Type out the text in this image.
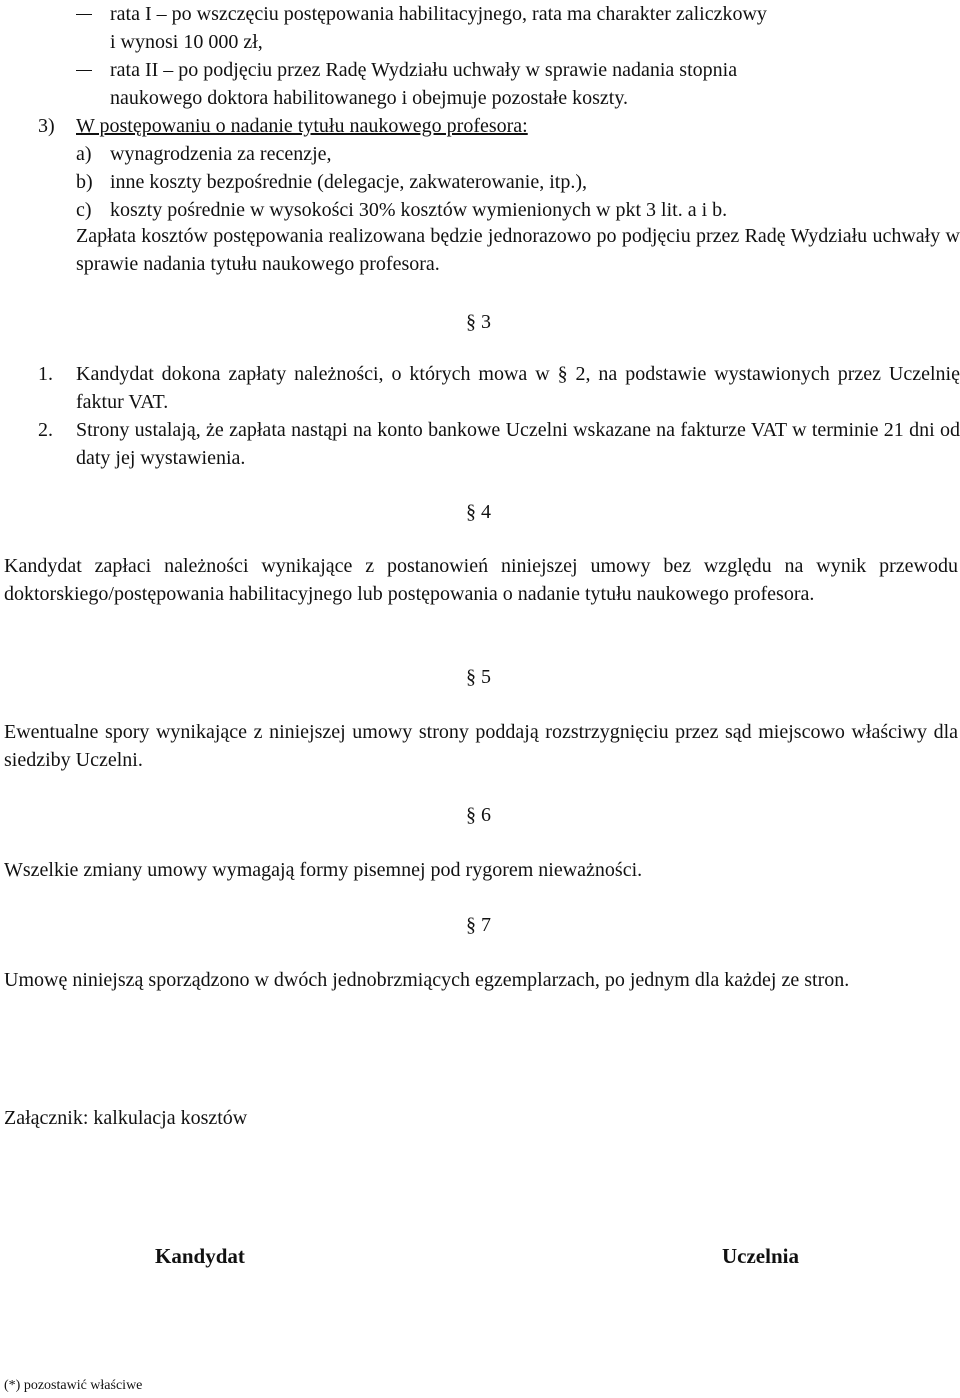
rata I – po wszczęciu postępowania habilitacyjnego, rata ma charakter zaliczkowy
i wynosi 10 000 zł,
rata II – po podjęciu przez Radę Wydziału uchwały w sprawie nadania stopnia
naukowego doktora habilitowanego i obejmuje pozostałe koszty.
3) W postępowaniu o nadanie tytułu naukowego profesora:
a) wynagrodzenia za recenzje,
b) inne koszty bezpośrednie (delegacje, zakwaterowanie, itp.),
c) koszty pośrednie w wysokości 30% kosztów wymienionych w pkt 3 lit. a i b.
Zapłata kosztów postępowania realizowana będzie jednorazowo po podjęciu przez Radę Wydziału uchwały w sprawie nadania tytułu naukowego profesora.
§ 3
1. Kandydat dokona zapłaty należności, o których mowa w § 2, na podstawie wystawionych przez Uczelnię faktur VAT.
2. Strony ustalają, że zapłata nastąpi na konto bankowe Uczelni wskazane na fakturze VAT w terminie 21 dni od daty jej wystawienia.
§ 4
Kandydat zapłaci należności wynikające z postanowień niniejszej umowy bez względu na wynik przewodu doktorskiego/postępowania habilitacyjnego lub postępowania o nadanie tytułu naukowego profesora.
§ 5
Ewentualne spory wynikające z niniejszej umowy strony poddają rozstrzygnięciu przez sąd miejscowo właściwy dla siedziby Uczelni.
§ 6
Wszelkie zmiany umowy wymagają formy pisemnej pod rygorem nieważności.
§ 7
Umowę niniejszą sporządzono w dwóch jednobrzmiących egzemplarzach, po jednym dla każdej ze stron.
Załącznik: kalkulacja kosztów
Kandydat	Uczelnia
(*) pozostawić właściwe
